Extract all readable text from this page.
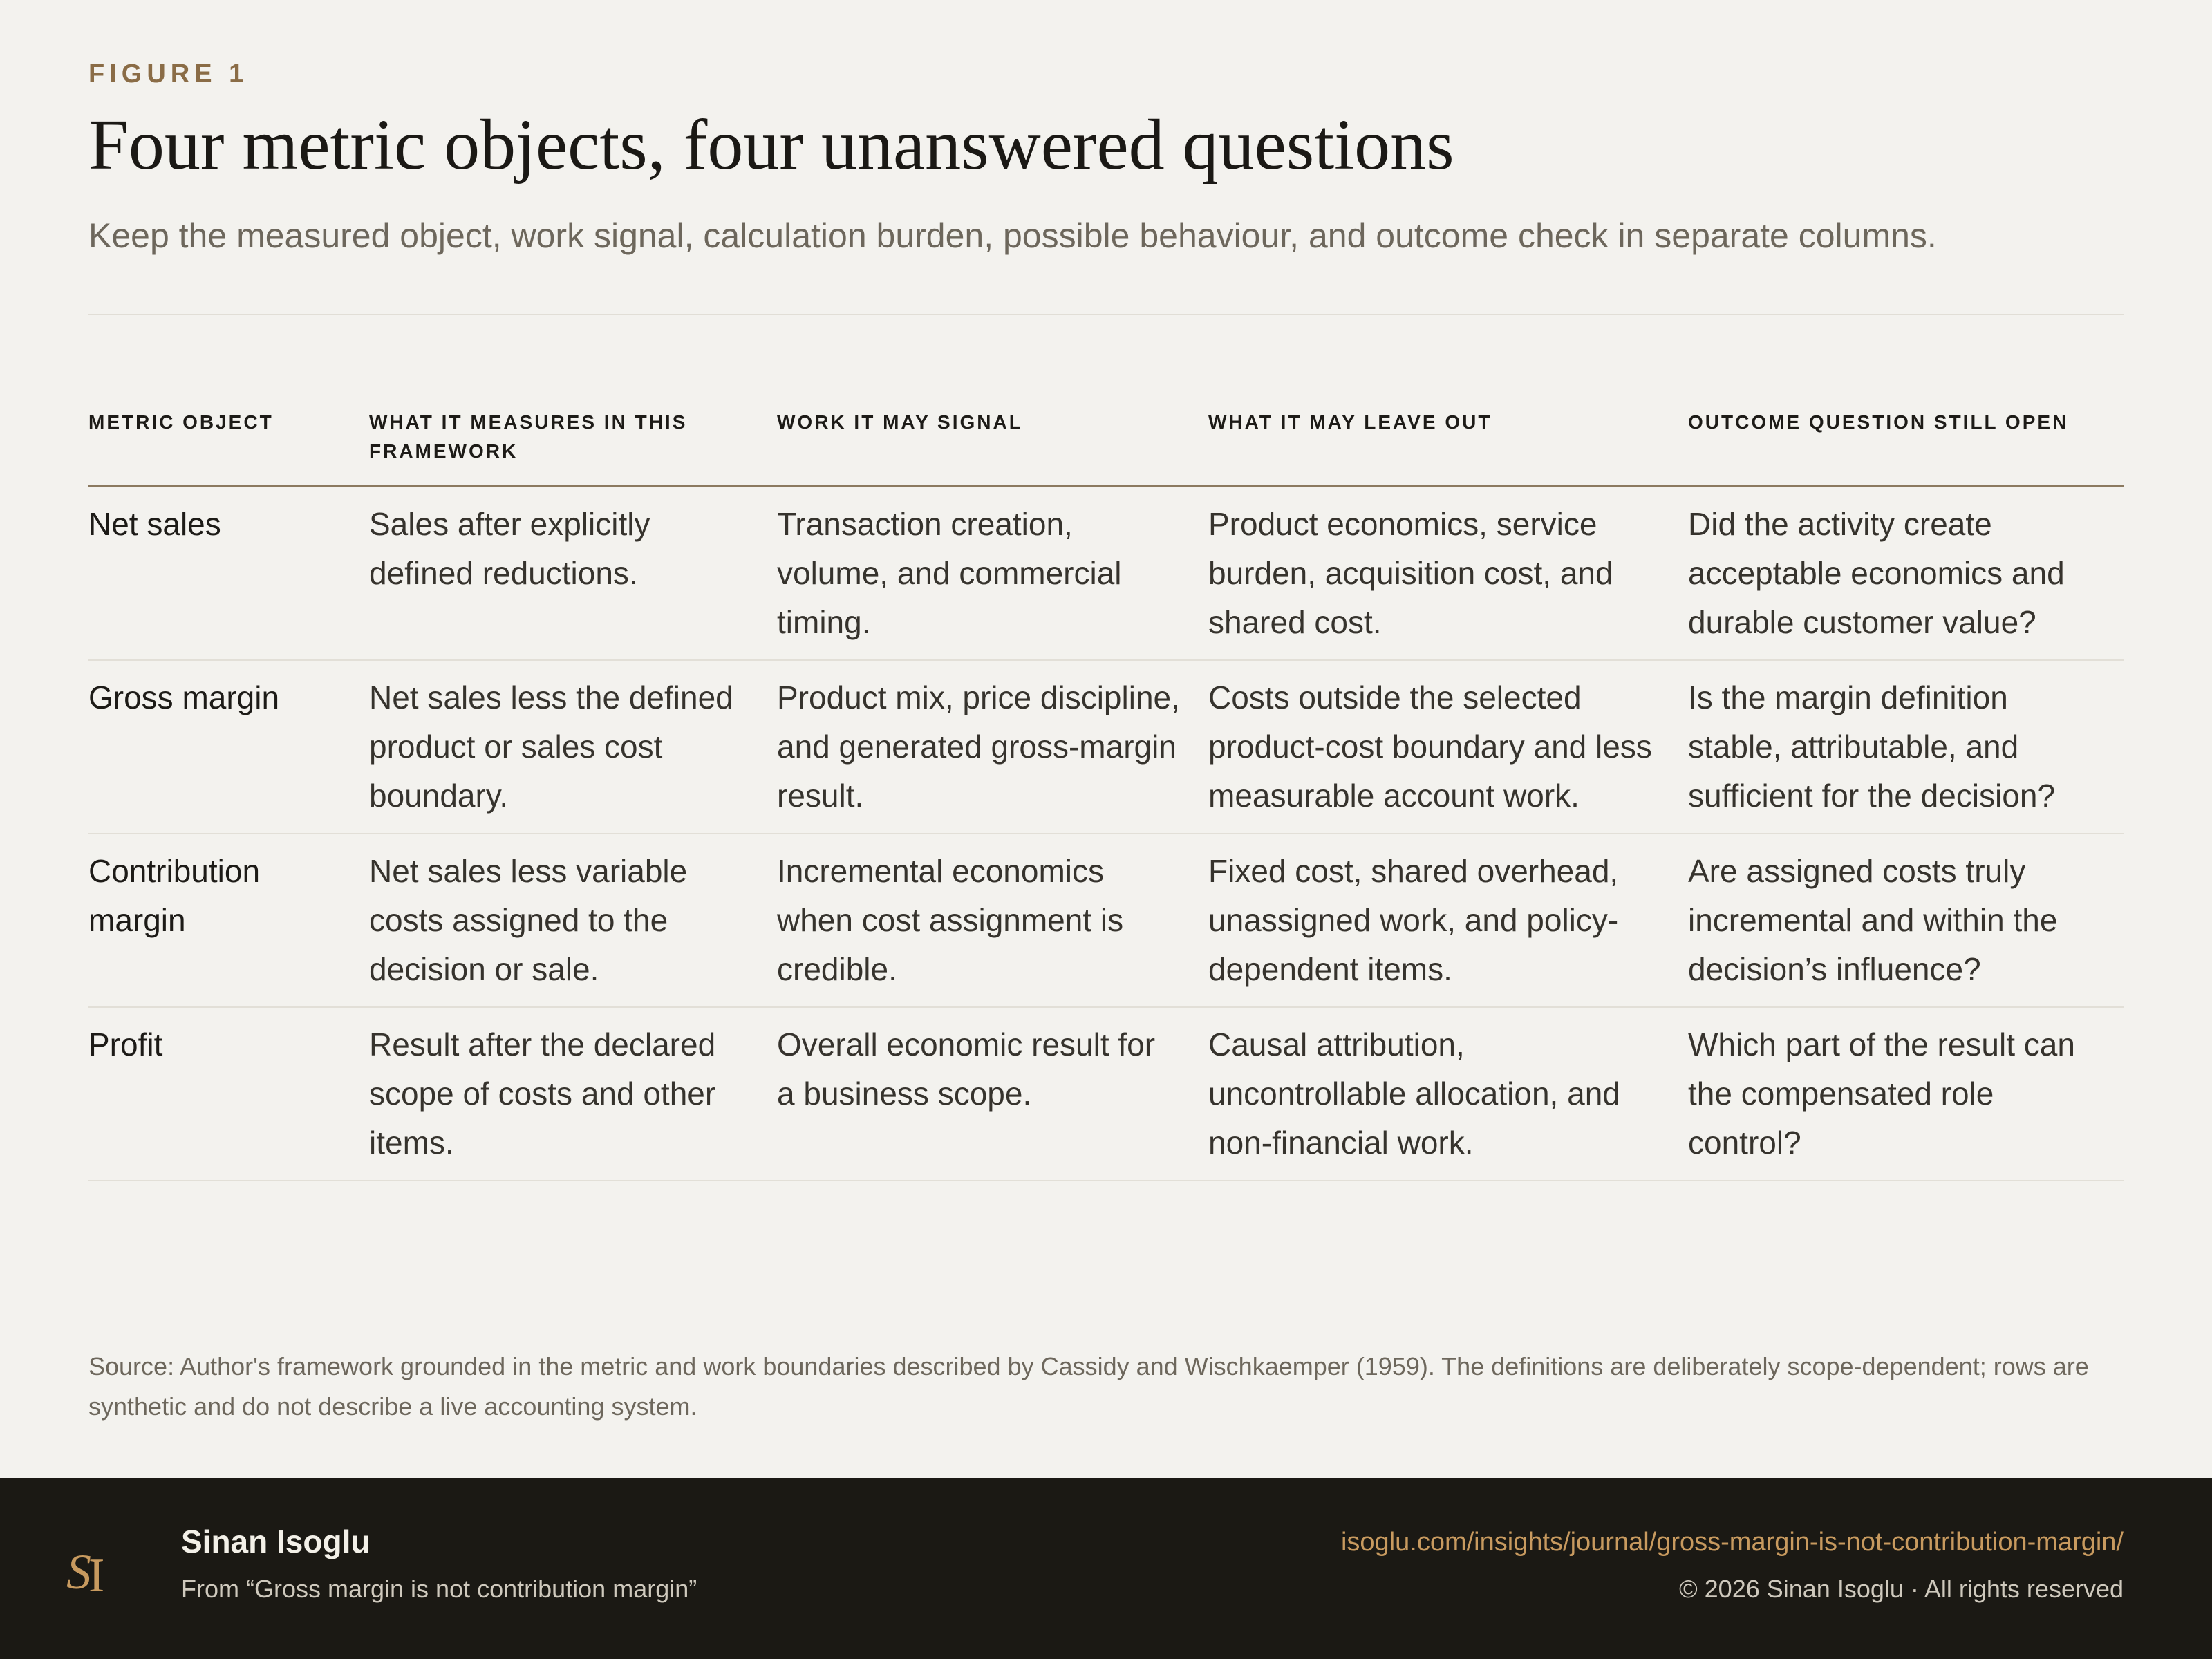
FIGURE 1
Four metric objects, four unanswered questions

Keep the measured object, work signal, calculation burden, possible behaviour, and outcome check in separate columns.

METRIC OBJECT	WHAT IT MEASURES IN THIS FRAMEWORK	WORK IT MAY SIGNAL	WHAT IT MAY LEAVE OUT	OUTCOME QUESTION STILL OPEN
Net sales	Sales after explicitly defined reductions.	Transaction creation, volume, and commercial timing.	Product economics, service burden, acquisition cost, and shared cost.	Did the activity create acceptable economics and durable customer value?
Gross margin	Net sales less the defined product or sales cost boundary.	Product mix, price discipline, and generated gross-margin result.	Costs outside the selected product-cost boundary and less measurable account work.	Is the margin definition stable, attributable, and sufficient for the decision?
Contribution margin	Net sales less variable costs assigned to the decision or sale.	Incremental economics when cost assignment is credible.	Fixed cost, shared overhead, unassigned work, and policy-dependent items.	Are assigned costs truly incremental and within the decision’s influence?
Profit	Result after the declared scope of costs and other items.	Overall economic result for a business scope.	Causal attribution, uncontrollable allocation, and non-financial work.	Which part of the result can the compensated role control?

Source: Author's framework grounded in the metric and work boundaries described by Cassidy and Wischkaemper (1959). The definitions are deliberately scope-dependent; rows are synthetic and do not describe a live accounting system.

S
I
Sinan Isoglu
From “Gross margin is not contribution margin”
isoglu.com/insights/journal/gross-margin-is-not-contribution-margin/
© 2026 Sinan Isoglu · All rights reserved
